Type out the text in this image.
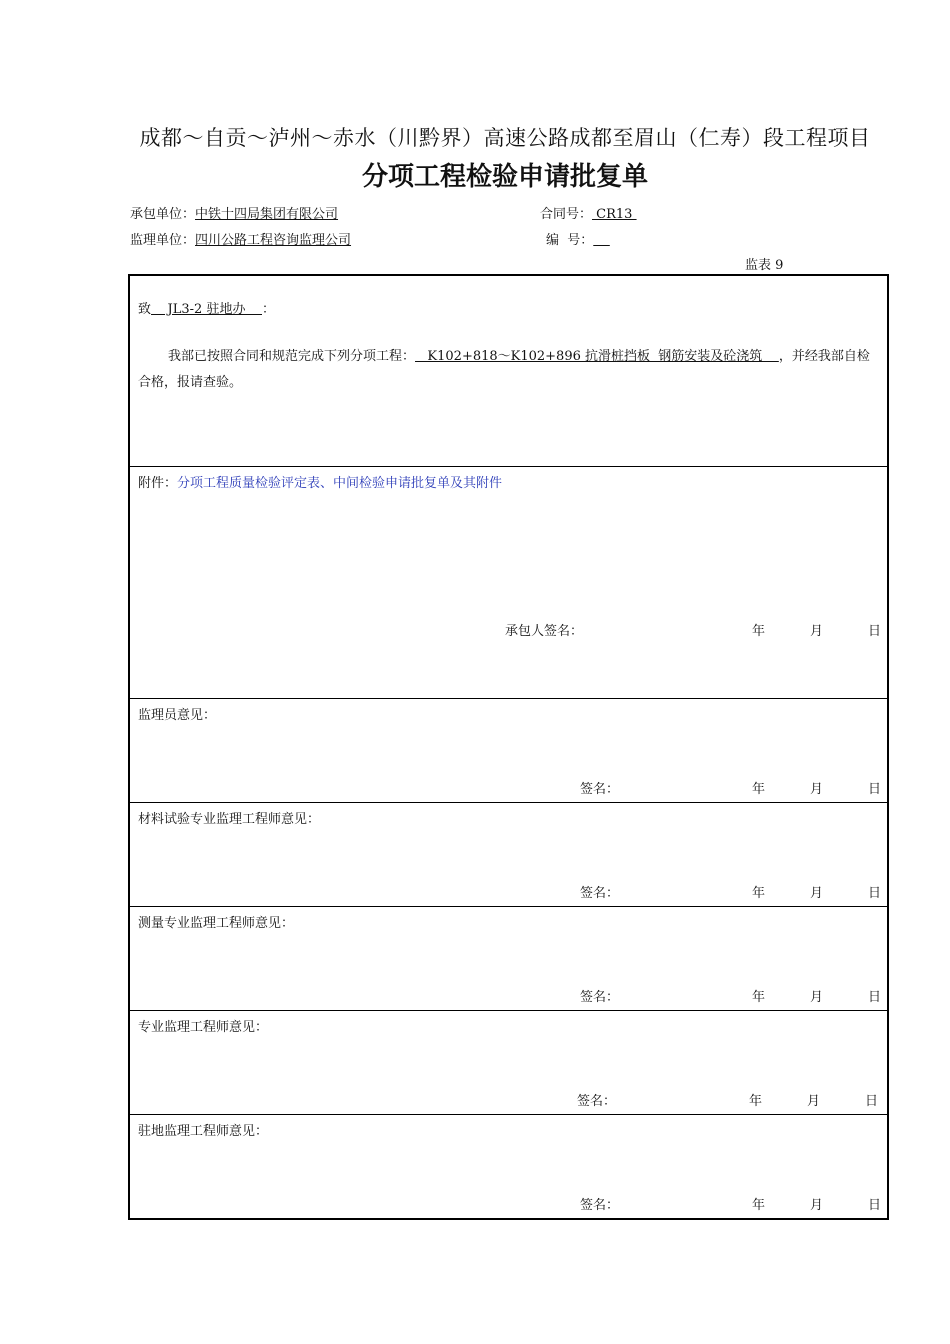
成都～自贡～泸州～赤水（川黔界）高速公路成都至眉山（仁寿）段工程项目
分项工程检验申请批复单
承包单位：中铁十四局集团有限公司	合同号： CR13
监理单位：四川公路工程咨询监理公司	编  号：
监表 9
致    JL3-2 驻地办    ：
我部已按照合同和规范完成下列分项工程：   K102+818～K102+896 抗滑桩挡板  钢筋安装及砼浇筑    ，并经我部自检合格，报请查验。
附件：分项工程质量检验评定表、中间检验申请批复单及其附件
承包人签名：	年	月	日
监理员意见：
签名：	年	月	日
材料试验专业监理工程师意见：
签名：	年	月	日
测量专业监理工程师意见：
签名：	年	月	日
专业监理工程师意见：
签名：	年	月	日
驻地监理工程师意见：
签名：	年	月	日
